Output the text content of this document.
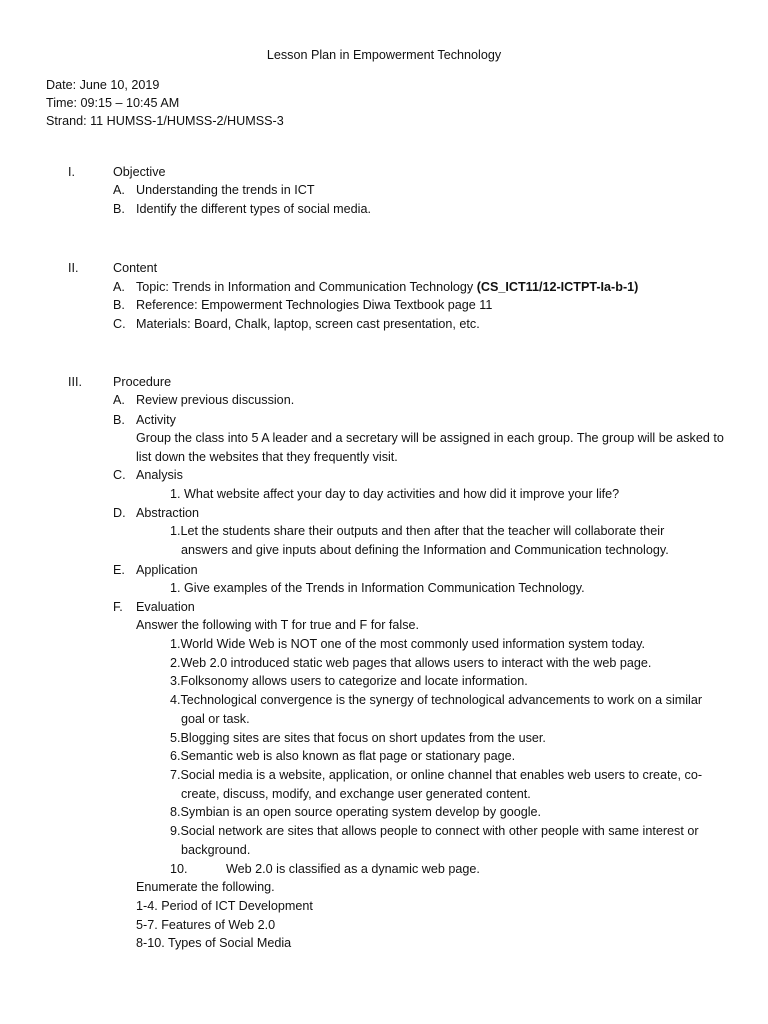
Lesson Plan in Empowerment Technology
Date: June 10, 2019
Time: 09:15 – 10:45 AM
Strand: 11 HUMSS-1/HUMSS-2/HUMSS-3
I.	Objective
A. Understanding the trends in ICT
B. Identify the different types of social media.
II.	Content
A. Topic: Trends in Information and Communication Technology (CS_ICT11/12-ICTPT-Ia-b-1)
B. Reference: Empowerment Technologies Diwa Textbook page 11
C. Materials: Board, Chalk, laptop, screen cast presentation, etc.
III. Procedure
A. Review previous discussion.
B. Activity
Group the class into 5 A leader and a secretary will be assigned in each group. The group will be asked to
list down the websites that they frequently visit.
C. Analysis
1. What website affect your day to day activities and how did it improve your life?
D. Abstraction
1.Let the students share their outputs and then after that the teacher will collaborate their
answers and give inputs about defining the Information and Communication technology.
E. Application
1. Give examples of the Trends in Information Communication Technology.
F. Evaluation
Answer the following with T for true and F for false.
1.World Wide Web is NOT one of the most commonly used information system today.
2.Web 2.0 introduced static web pages that allows users to interact with the web page.
3.Folksonomy allows users to categorize and locate information.
4.Technological convergence is the synergy of technological advancements to work on a similar
goal or task.
5.Blogging sites are sites that focus on short updates from the user.
6.Semantic web is also known as flat page or stationary page.
7.Social media is a website, application, or online channel that enables web users to create, co-
create, discuss, modify, and exchange user generated content.
8.Symbian is an open source operating system develop by google.
9.Social network are sites that allows people to connect with other people with same interest or
background.
10.	Web 2.0 is classified as a dynamic web page.
Enumerate the following.
1-4. Period of ICT Development
5-7. Features of Web 2.0
8-10. Types of Social Media
